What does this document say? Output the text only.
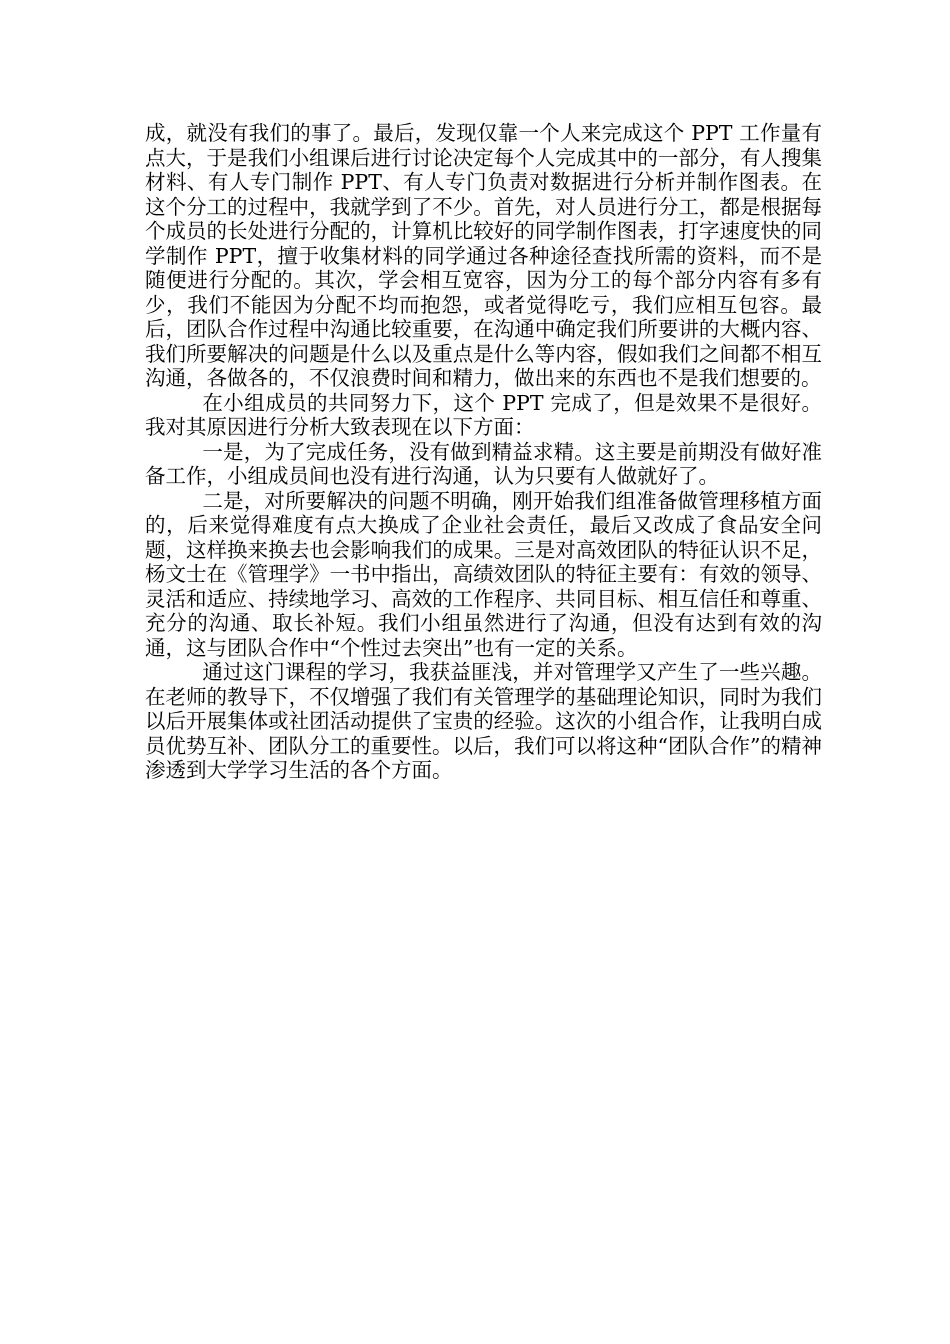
成，就没有我们的事了。最后，发现仅靠一个人来完成这个 PPT 工作量有点大，于是我们小组课后进行讨论决定每个人完成其中的一部分，有人搜集材料、有人专门制作 PPT、有人专门负责对数据进行分析并制作图表。在这个分工的过程中，我就学到了不少。首先，对人员进行分工，都是根据每个成员的长处进行分配的，计算机比较好的同学制作图表，打字速度快的同学制作 PPT，擅于收集材料的同学通过各种途径查找所需的资料，而不是随便进行分配的。其次，学会相互宽容，因为分工的每个部分内容有多有少，我们不能因为分配不均而抱怨，或者觉得吃亏，我们应相互包容。最后，团队合作过程中沟通比较重要，在沟通中确定我们所要讲的大概内容、我们所要解决的问题是什么以及重点是什么等内容，假如我们之间都不相互沟通，各做各的，不仅浪费时间和精力，做出来的东西也不是我们想要的。

在小组成员的共同努力下，这个 PPT 完成了，但是效果不是很好。我对其原因进行分析大致表现在以下方面：

一是，为了完成任务，没有做到精益求精。这主要是前期没有做好准备工作，小组成员间也没有进行沟通，认为只要有人做就好了。

二是，对所要解决的问题不明确，刚开始我们组准备做管理移植方面的，后来觉得难度有点大换成了企业社会责任，最后又改成了食品安全问题，这样换来换去也会影响我们的成果。三是对高效团队的特征认识不足，杨文士在《管理学》一书中指出，高绩效团队的特征主要有：有效的领导、灵活和适应、持续地学习、高效的工作程序、共同目标、相互信任和尊重、充分的沟通、取长补短。我们小组虽然进行了沟通，但没有达到有效的沟通，这与团队合作中“个性过去突出”也有一定的关系。

通过这门课程的学习，我获益匪浅，并对管理学又产生了一些兴趣。在老师的教导下，不仅增强了我们有关管理学的基础理论知识，同时为我们以后开展集体或社团活动提供了宝贵的经验。这次的小组合作，让我明白成员优势互补、团队分工的重要性。以后，我们可以将这种“团队合作”的精神渗透到大学学习生活的各个方面。
